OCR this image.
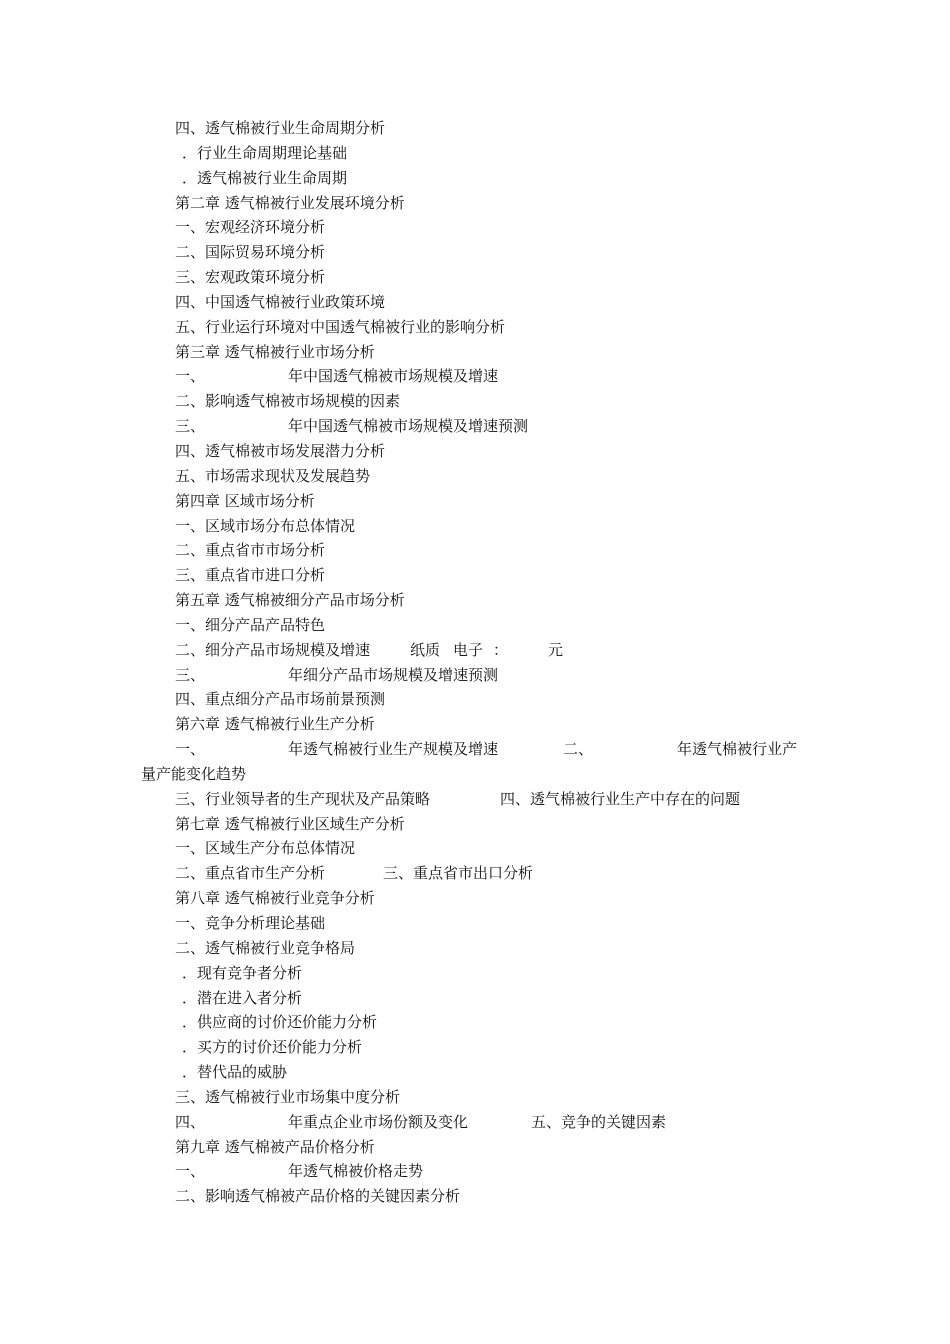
四、透气棉被行业生命周期分析
．行业生命周期理论基础
．透气棉被行业生命周期
第二章 透气棉被行业发展环境分析
一、宏观经济环境分析
二、国际贸易环境分析
三、宏观政策环境分析
四、中国透气棉被行业政策环境
五、行业运行环境对中国透气棉被行业的影响分析
第三章 透气棉被行业市场分析
一、	年中国透气棉被市场规模及增速
二、影响透气棉被市场规模的因素
三、	年中国透气棉被市场规模及增速预测
四、透气棉被市场发展潜力分析
五、市场需求现状及发展趋势
第四章 区域市场分析
一、区域市场分布总体情况
二、重点省市市场分析
三、重点省市进口分析
第五章 透气棉被细分产品市场分析
一、细分产品产品特色
二、细分产品市场规模及增速	纸质 电子 ：	元
三、	年细分产品市场规模及增速预测
四、重点细分产品市场前景预测
第六章 透气棉被行业生产分析
一、	年透气棉被行业生产规模及增速	二、	年透气棉被行业产
量产能变化趋势
三、行业领导者的生产现状及产品策略	四、透气棉被行业生产中存在的问题
第七章 透气棉被行业区域生产分析
一、区域生产分布总体情况
二、重点省市生产分析	三、重点省市出口分析
第八章 透气棉被行业竞争分析
一、竞争分析理论基础
二、透气棉被行业竞争格局
．现有竞争者分析
．潜在进入者分析
．供应商的讨价还价能力分析
．买方的讨价还价能力分析
．替代品的威胁
三、透气棉被行业市场集中度分析
四、	年重点企业市场份额及变化	五、竞争的关键因素
第九章 透气棉被产品价格分析
一、	年透气棉被价格走势
二、影响透气棉被产品价格的关键因素分析
